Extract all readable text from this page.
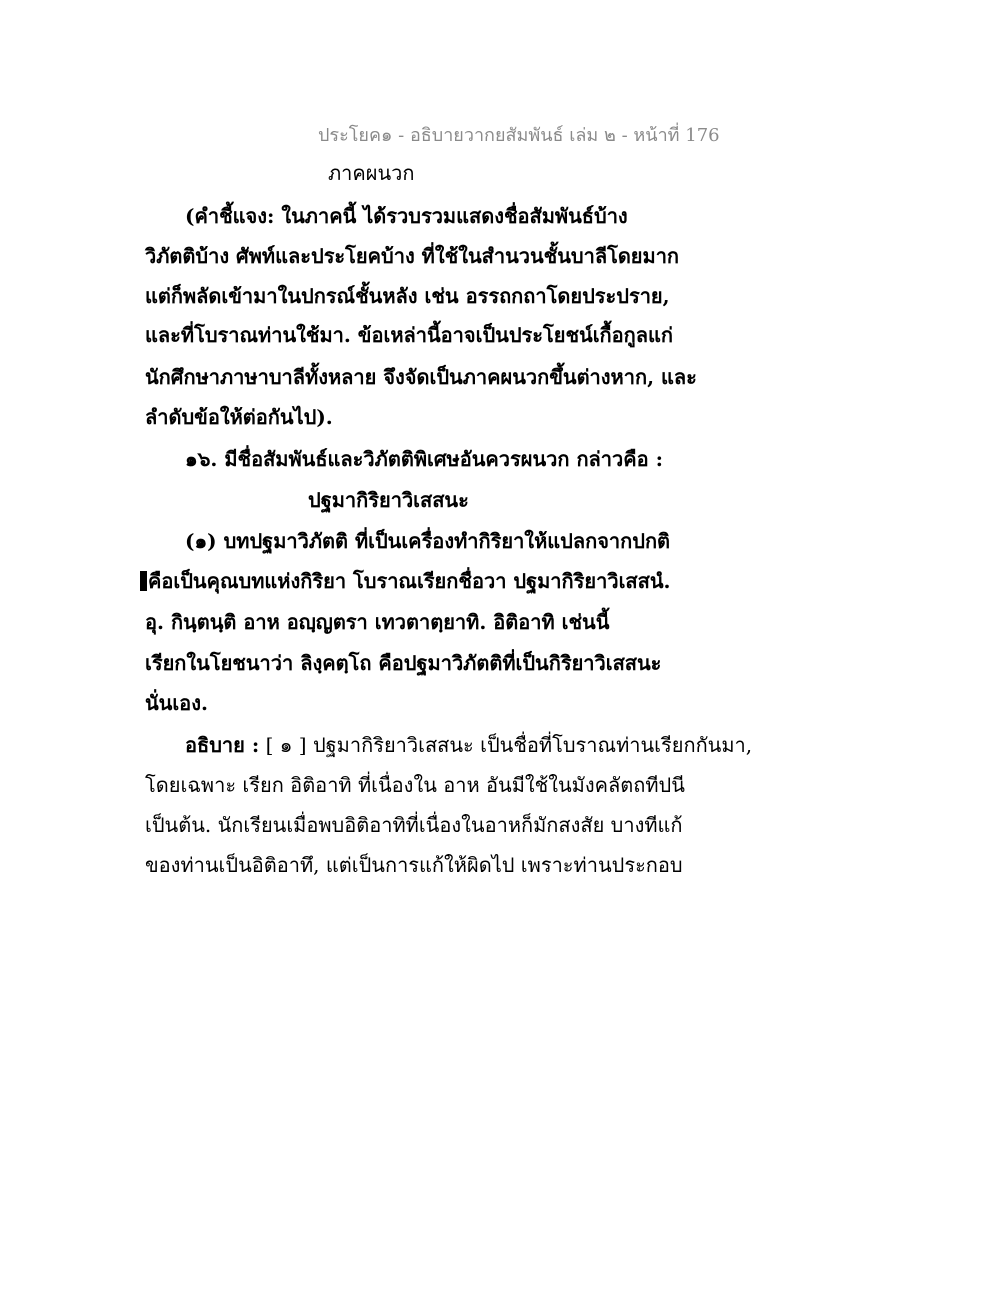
ประโยค๑ - อธิบายวากยสัมพันธ์ เล่ม ๒ - หน้าที่ 176
ภาคผนวก
(คำชี้แจง: ในภาคนี้ ได้รวบรวมแสดงชื่อสัมพันธ์บ้าง
วิภัตติบ้าง ศัพท์และประโยคบ้าง ที่ใช้ในสำนวนชั้นบาลีโดยมาก
แต่ก็พลัดเข้ามาในปกรณ์ชั้นหลัง เช่น อรรถกถาโดยประปราย,
และที่โบราณท่านใช้มา. ข้อเหล่านี้อาจเป็นประโยชน์เกื้อกูลแก่
นักศึกษาภาษาบาลีทั้งหลาย จึงจัดเป็นภาคผนวกขึ้นต่างหาก, และ
ลำดับข้อให้ต่อกันไป).
๑๖. มีชื่อสัมพันธ์และวิภัตติพิเศษอันควรผนวก กล่าวคือ :
ปฐมากิริยาวิเสสนะ
(๑) บทปฐมาวิภัตติ ที่เป็นเครื่องทำกิริยาให้แปลกจากปกติ
คือเป็นคุณบทแห่งกิริยา โบราณเรียกชื่อวา ปฐมากิริยาวิเสสนํ.
อุ. กินฺตนฺติ อาห อญฺญตรา เทวตาตฺยาทิ. อิติอาทิ เช่นนี้
เรียกในโยชนาว่า ลิงฺคตฺโถ คือปฐมาวิภัตติที่เป็นกิริยาวิเสสนะ
นั่นเอง.
อธิบาย : [ ๑ ] ปฐมากิริยาวิเสสนะ เป็นชื่อที่โบราณท่านเรียกกันมา,
โดยเฉพาะ เรียก อิติอาทิ ที่เนื่องใน อาห อันมีใช้ในมังคลัตถทีปนี
เป็นต้น. นักเรียนเมื่อพบอิติอาทิที่เนื่องในอาหก็มักสงสัย บางทีแก้
ของท่านเป็นอิติอาทึ, แต่เป็นการแก้ให้ผิดไป เพราะท่านประกอบ
